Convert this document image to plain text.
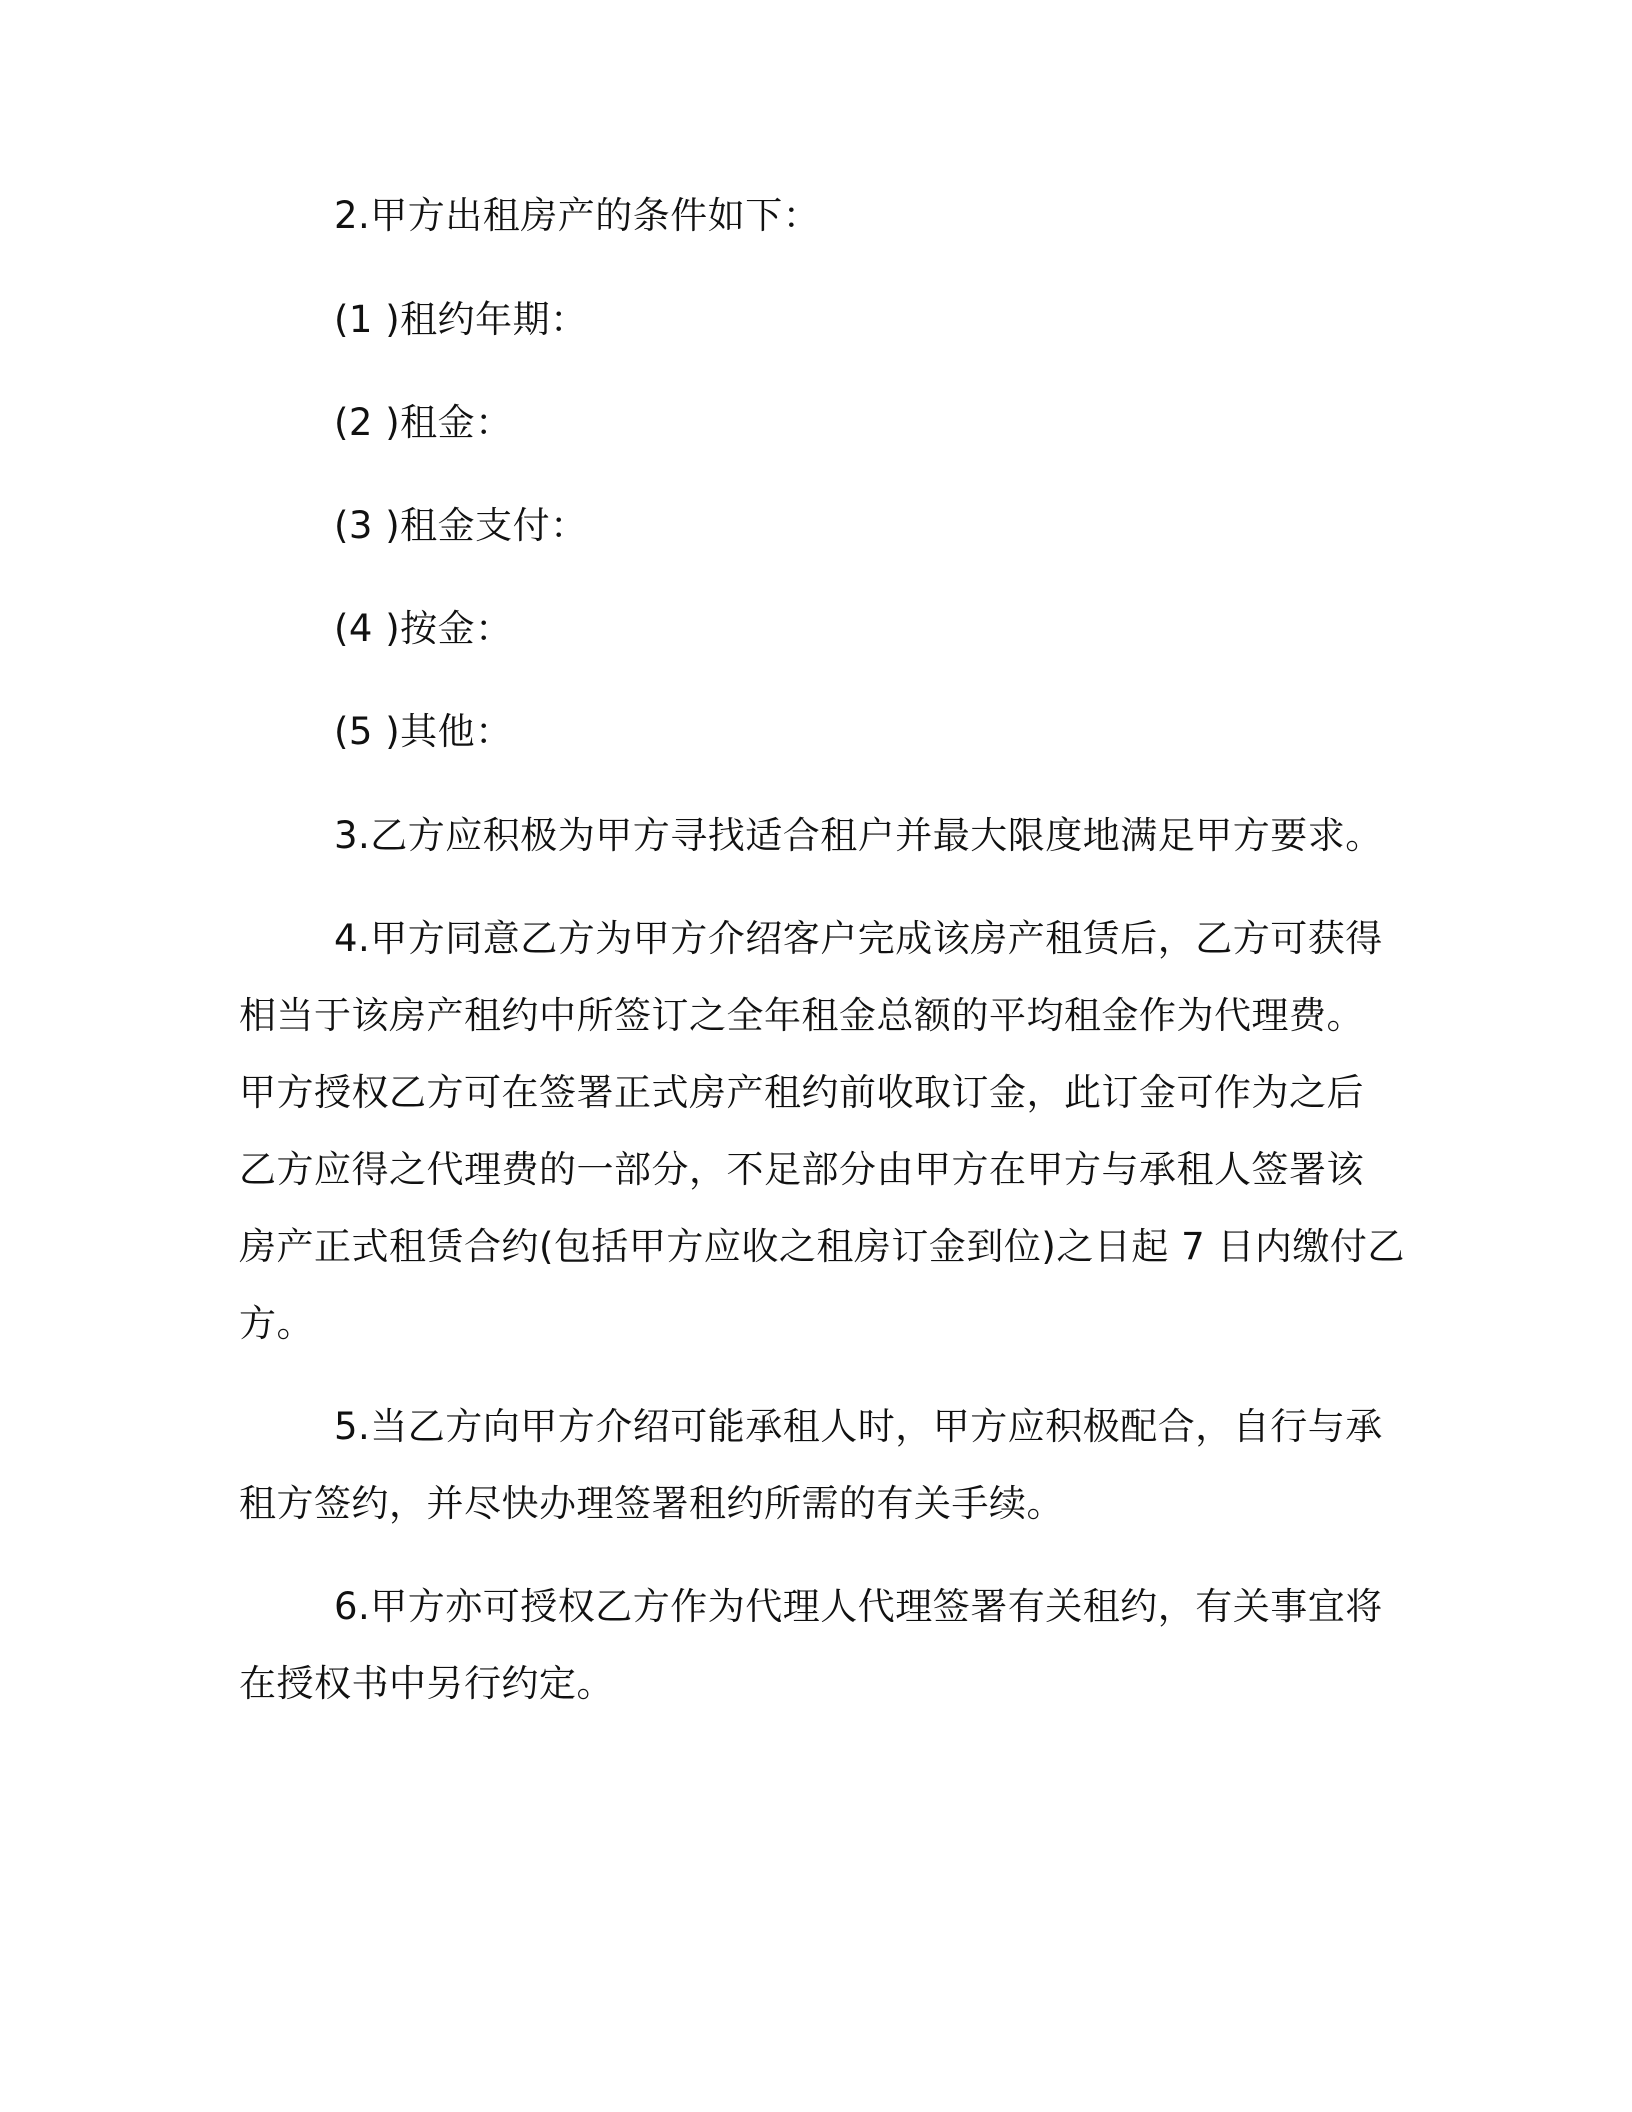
2.甲方出租房产的条件如下：
(1 )租约年期：
(2 )租金：
(3 )租金支付：
(4 )按金：
(5 )其他：
3.乙方应积极为甲方寻找适合租户并最大限度地满足甲方要求。
4.甲方同意乙方为甲方介绍客户完成该房产租赁后，乙方可获得
相当于该房产租约中所签订之全年租金总额的平均租金作为代理费。
甲方授权乙方可在签署正式房产租约前收取订金，此订金可作为之后
乙方应得之代理费的一部分，不足部分由甲方在甲方与承租人签署该
房产正式租赁合约(包括甲方应收之租房订金到位)之日起 7 日内缴付乙
方。
5.当乙方向甲方介绍可能承租人时，甲方应积极配合，自行与承
租方签约，并尽快办理签署租约所需的有关手续。
6.甲方亦可授权乙方作为代理人代理签署有关租约，有关事宜将
在授权书中另行约定。
